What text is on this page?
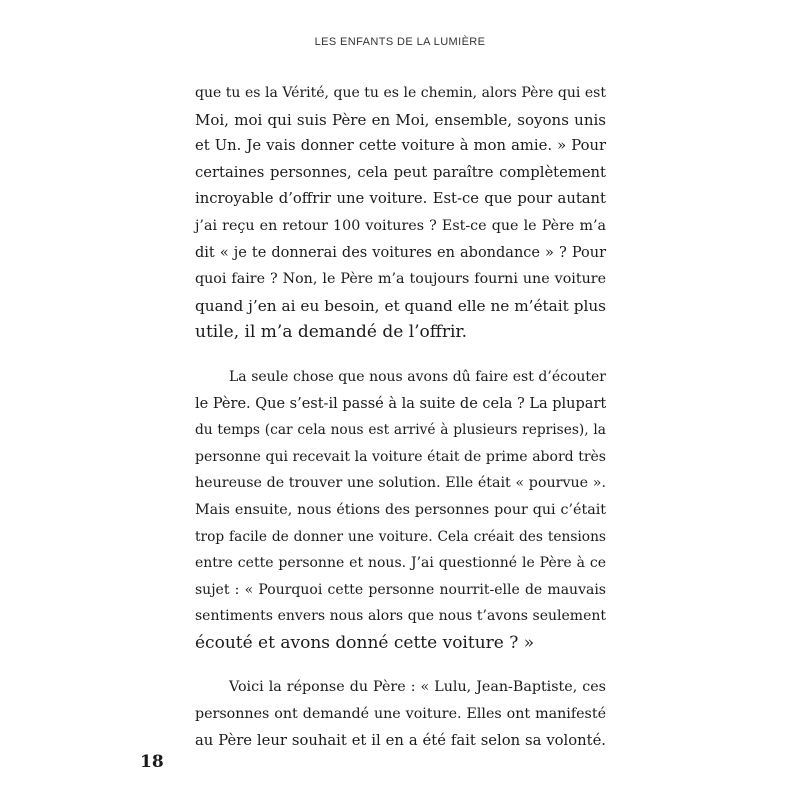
LES ENFANTS DE LA LUMIÈRE
que tu es la Vérité, que tu es le chemin, alors Père qui est
Moi, moi qui suis Père en Moi, ensemble, soyons unis
et Un. Je vais donner cette voiture à mon amie. » Pour
certaines personnes, cela peut paraître complètement
incroyable d’offrir une voiture. Est-ce que pour autant
j’ai reçu en retour 100 voitures ? Est-ce que le Père m’a
dit « je te donnerai des voitures en abondance » ? Pour
quoi faire ? Non, le Père m’a toujours fourni une voiture
quand j’en ai eu besoin, et quand elle ne m’était plus
utile, il m’a demandé de l’offrir.
La seule chose que nous avons dû faire est d’écouter
le Père. Que s’est-il passé à la suite de cela ? La plupart
du temps (car cela nous est arrivé à plusieurs reprises), la
personne qui recevait la voiture était de prime abord très
heureuse de trouver une solution. Elle était « pourvue ».
Mais ensuite, nous étions des personnes pour qui c’était
trop facile de donner une voiture. Cela créait des tensions
entre cette personne et nous. J’ai questionné le Père à ce
sujet : « Pourquoi cette personne nourrit-elle de mauvais
sentiments envers nous alors que nous t’avons seulement
écouté et avons donné cette voiture ? »
Voici la réponse du Père : « Lulu, Jean-Baptiste, ces
personnes ont demandé une voiture. Elles ont manifesté
au Père leur souhait et il en a été fait selon sa volonté.
18
